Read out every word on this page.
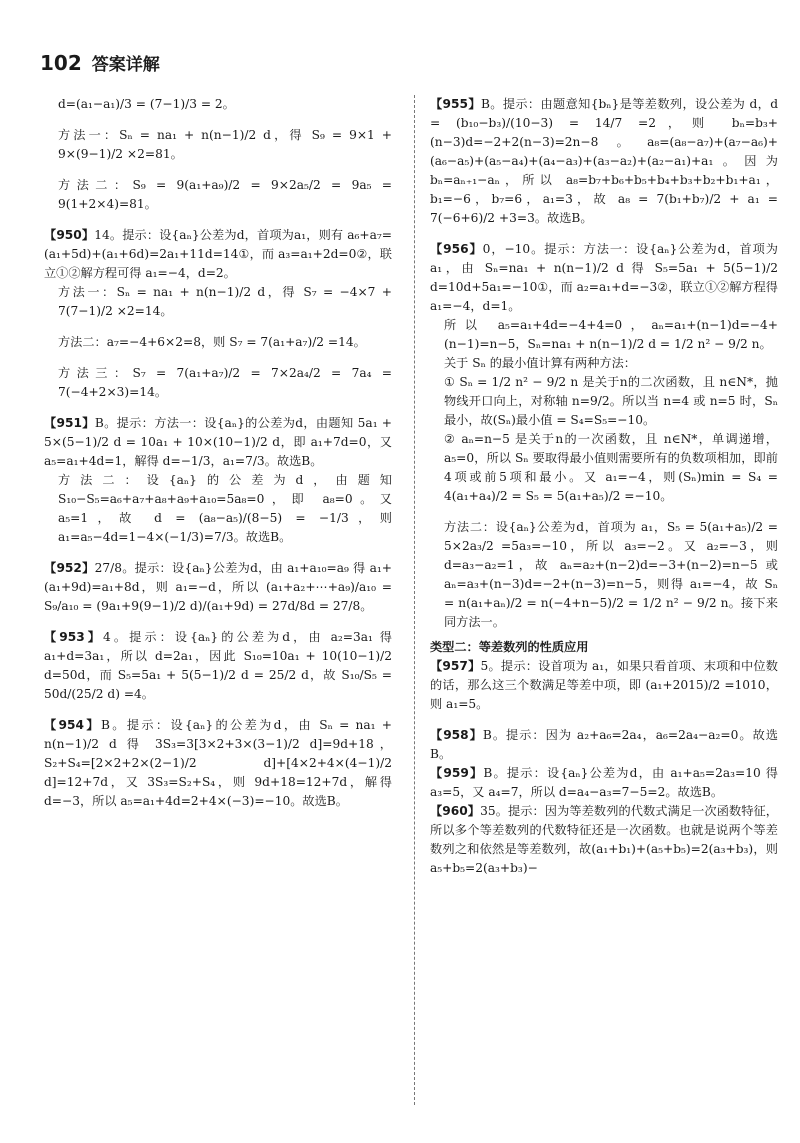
102 答案详解

d=(a₁−a₁)/3 = (7−1)/3 = 2。

方法一：Sₙ = na₁ + n(n−1)/2 d，得 S₉ = 9×1 + 9×(9−1)/2 ×2=81。

方法二：S₉ = 9(a₁+a₉)/2 = 9×2a₅/2 = 9a₅ = 9(1+2×4)=81。

【950】14。提示：设{aₙ}公差为d，首项为a₁，则有 a₆+a₇=(a₁+5d)+(a₁+6d)=2a₁+11d=14①，而 a₃=a₁+2d=0②，联立①②解方程可得 a₁=−4，d=2。

方法一：Sₙ = na₁ + n(n−1)/2 d，得 S₇ = −4×7 + 7(7−1)/2 ×2=14。

方法二：a₇=−4+6×2=8，则 S₇ = 7(a₁+a₇)/2 =14。

方法三：S₇ = 7(a₁+a₇)/2 = 7×2a₄/2 = 7a₄ = 7(−4+2×3)=14。

【951】B。提示：方法一：设{aₙ}的公差为d，由题知 5a₁ + 5×(5−1)/2 d = 10a₁ + 10×(10−1)/2 d，即 a₁+7d=0，又 a₅=a₁+4d=1，解得 d=−1/3，a₁=7/3。故选B。

方法二：设{aₙ}的公差为d，由题知 S₁₀−S₅=a₆+a₇+a₈+a₉+a₁₀=5a₈=0，即 a₈=0。又 a₅=1，故 d = (a₈−a₅)/(8−5) = −1/3，则 a₁=a₅−4d=1−4×(−1/3)=7/3。故选B。

【952】27/8。提示：设{aₙ}公差为d，由 a₁+a₁₀=a₉ 得 a₁+(a₁+9d)=a₁+8d，则 a₁=−d，所以 (a₁+a₂+⋯+a₉)/a₁₀ = S₉/a₁₀ = (9a₁+9(9−1)/2 d)/(a₁+9d) = 27d/8d = 27/8。

【953】4。提示：设{aₙ}的公差为d，由 a₂=3a₁ 得 a₁+d=3a₁，所以 d=2a₁，因此 S₁₀=10a₁ + 10(10−1)/2 d=50d，而 S₅=5a₁ + 5(5−1)/2 d = 25/2 d，故 S₁₀/S₅ = 50d/(25/2 d) =4。

【954】B。提示：设{aₙ}的公差为d，由 Sₙ = na₁ + n(n−1)/2 d 得 3S₃=3[3×2+3×(3−1)/2 d]=9d+18，S₂+S₄=[2×2+2×(2−1)/2 d]+[4×2+4×(4−1)/2 d]=12+7d，又 3S₃=S₂+S₄，则 9d+18=12+7d，解得 d=−3，所以 a₅=a₁+4d=2+4×(−3)=−10。故选B。

【955】B。提示：由题意知{bₙ}是等差数列，设公差为 d，d = (b₁₀−b₃)/(10−3) = 14/7 =2，则 bₙ=b₃+(n−3)d=−2+2(n−3)=2n−8。a₈=(a₈−a₇)+(a₇−a₆)+(a₆−a₅)+(a₅−a₄)+(a₄−a₃)+(a₃−a₂)+(a₂−a₁)+a₁。因为 bₙ=aₙ₊₁−aₙ，所以 a₈=b₇+b₆+b₅+b₄+b₃+b₂+b₁+a₁，b₁=−6，b₇=6，a₁=3，故 a₈ = 7(b₁+b₇)/2 + a₁ = 7(−6+6)/2 +3=3。故选B。

【956】0，−10。提示：方法一：设{aₙ}公差为d，首项为 a₁，由 Sₙ=na₁ + n(n−1)/2 d 得 S₅=5a₁ + 5(5−1)/2 d=10d+5a₁=−10①，而 a₂=a₁+d=−3②，联立①②解方程得 a₁=−4，d=1。

所以 a₅=a₁+4d=−4+4=0，aₙ=a₁+(n−1)d=−4+(n−1)=n−5，Sₙ=na₁ + n(n−1)/2 d = 1/2 n² − 9/2 n。

关于 Sₙ 的最小值计算有两种方法：

① Sₙ = 1/2 n² − 9/2 n 是关于n的二次函数，且 n∈N*，抛物线开口向上，对称轴 n=9/2。所以当 n=4 或 n=5 时，Sₙ 最小，故(Sₙ)最小值 = S₄=S₅=−10。

② aₙ=n−5 是关于n的一次函数，且 n∈N*，单调递增，a₅=0，所以 Sₙ 要取得最小值则需要所有的负数项相加，即前4项或前5项和最小。又 a₁=−4，则(Sₙ)min = S₄ = 4(a₁+a₄)/2 = S₅ = 5(a₁+a₅)/2 =−10。

方法二：设{aₙ}公差为d，首项为 a₁，S₅ = 5(a₁+a₅)/2 = 5×2a₃/2 =5a₃=−10，所以 a₃=−2。又 a₂=−3，则 d=a₃−a₂=1，故 aₙ=a₂+(n−2)d=−3+(n−2)=n−5 或 aₙ=a₃+(n−3)d=−2+(n−3)=n−5，则得 a₁=−4，故 Sₙ = n(a₁+aₙ)/2 = n(−4+n−5)/2 = 1/2 n² − 9/2 n。接下来同方法一。

类型二：等差数列的性质应用

【957】5。提示：设首项为 a₁，如果只看首项、末项和中位数的话，那么这三个数满足等差中项，即 (a₁+2015)/2 =1010，则 a₁=5。

【958】B。提示：因为 a₂+a₆=2a₄，a₆=2a₄−a₂=0。故选B。

【959】B。提示：设{aₙ}公差为d，由 a₁+a₅=2a₃=10 得 a₃=5，又 a₄=7，所以 d=a₄−a₃=7−5=2。故选B。

【960】35。提示：因为等差数列的代数式满足一次函数特征，所以多个等差数列的代数特征还是一次函数。也就是说两个等差数列之和依然是等差数列，故(a₁+b₁)+(a₅+b₅)=2(a₃+b₃)，则 a₅+b₅=2(a₃+b₃)−
